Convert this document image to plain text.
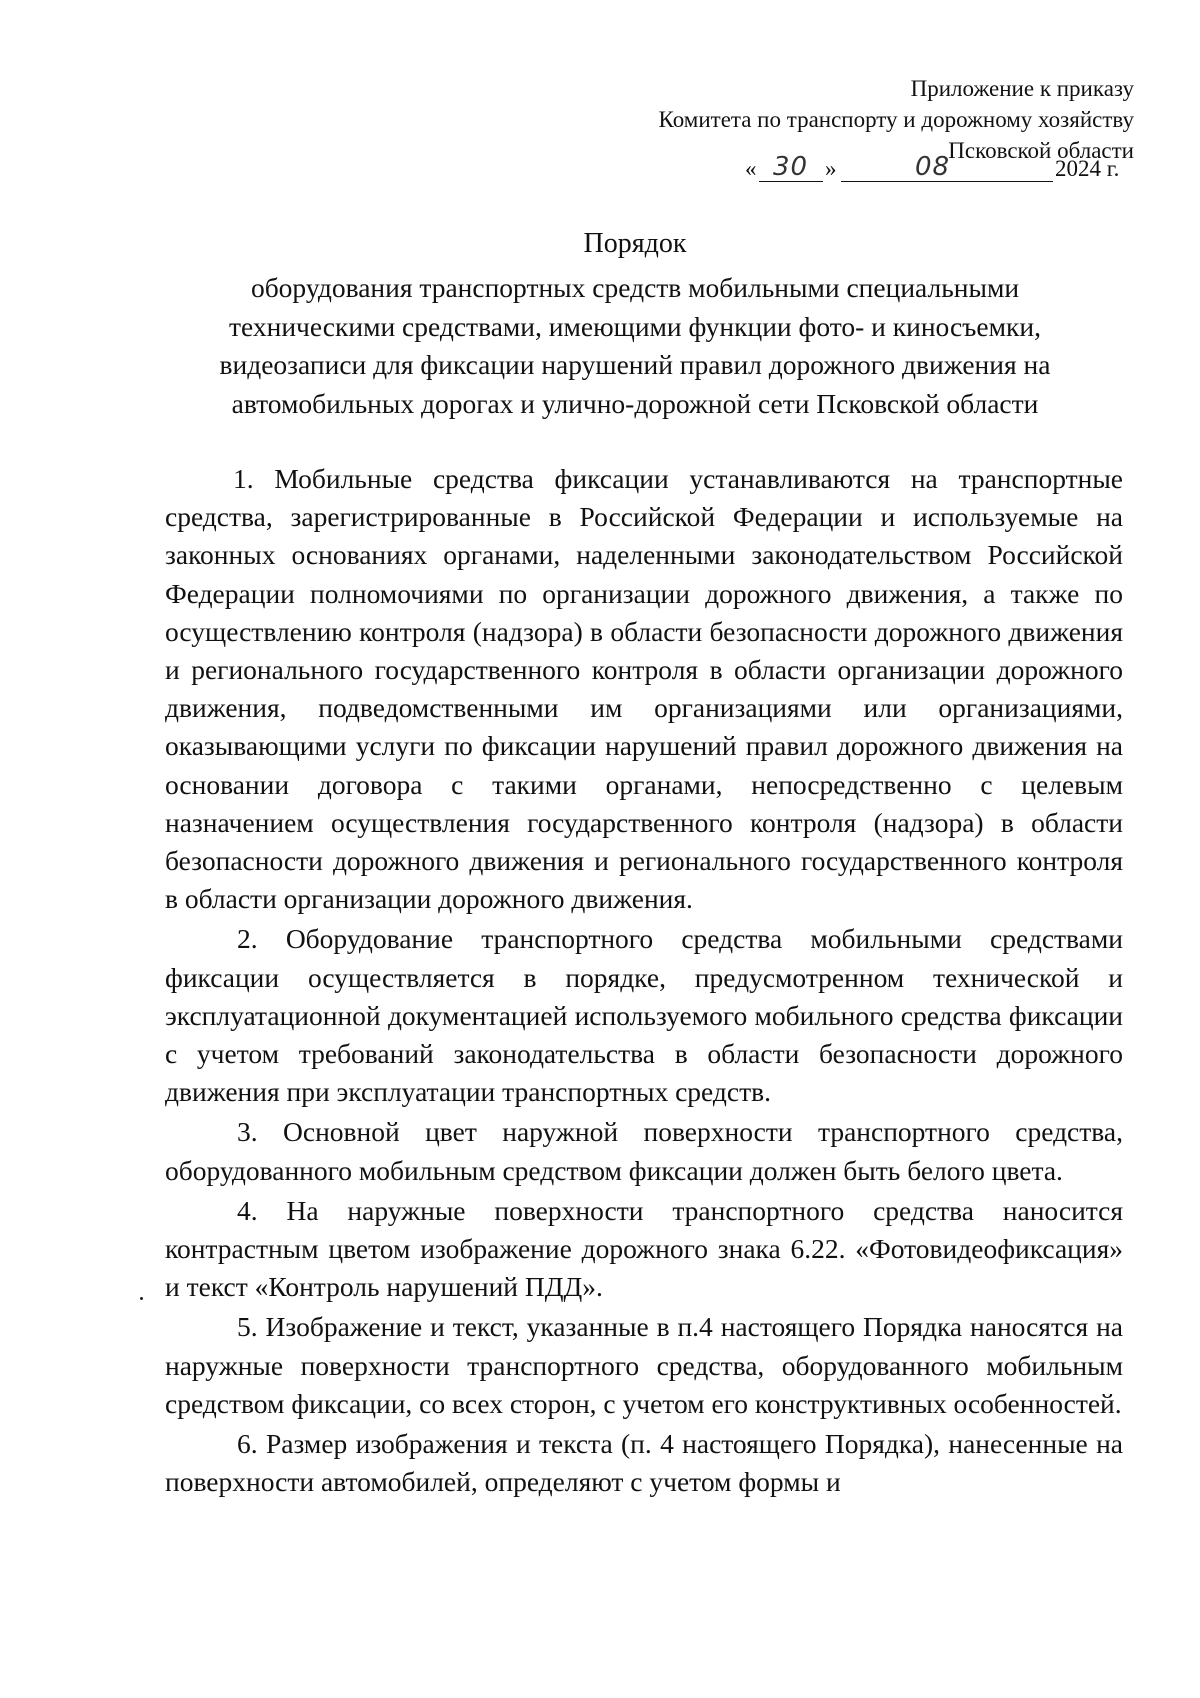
Приложение к приказу
Комитета по транспорту и дорожному хозяйству
Псковской области
« 30 »	08	2024 г.
Порядок

оборудования транспортных средств мобильными специальными

техническими средствами, имеющими функции фото- и киносъемки,

видеозаписи для фиксации нарушений правил дорожного движения на

автомобильных дорогах и улично-дорожной сети Псковской области

1. Мобильные средства фиксации устанавливаются на транспортные средства, зарегистрированные в Российской Федерации и используемые на законных основаниях органами, наделенными законодательством Российской Федерации полномочиями по организации дорожного движения, а также по осуществлению контроля (надзора) в области безопасности дорожного движения и регионального государственного контроля в области организации дорожного движения, подведомственными им организациями или организациями, оказывающими услуги по фиксации нарушений правил дорожного движения на основании договора с такими органами, непосредственно с целевым назначением осуществления государственного контроля (надзора) в области безопасности дорожного движения и регионального государственного контроля в области организации дорожного движения.

2. Оборудование транспортного средства мобильными средствами фиксации осуществляется в порядке, предусмотренном технической и эксплуатационной документацией используемого мобильного средства фиксации с учетом требований законодательства в области безопасности дорожного движения при эксплуатации транспортных средств.

3. Основной цвет наружной поверхности транспортного средства, оборудованного мобильным средством фиксации должен быть белого цвета.

4. На наружные поверхности транспортного средства наносится контрастным цветом изображение дорожного знака 6.22. «Фотовидеофиксация» и текст «Контроль нарушений ПДД».

5. Изображение и текст, указанные в п.4 настоящего Порядка наносятся на наружные поверхности транспортного средства, оборудованного мобильным средством фиксации, со всех сторон, с учетом его конструктивных особенностей.

6. Размер изображения и текста (п. 4 настоящего Порядка), нанесенные на поверхности автомобилей, определяют с учетом формы и
